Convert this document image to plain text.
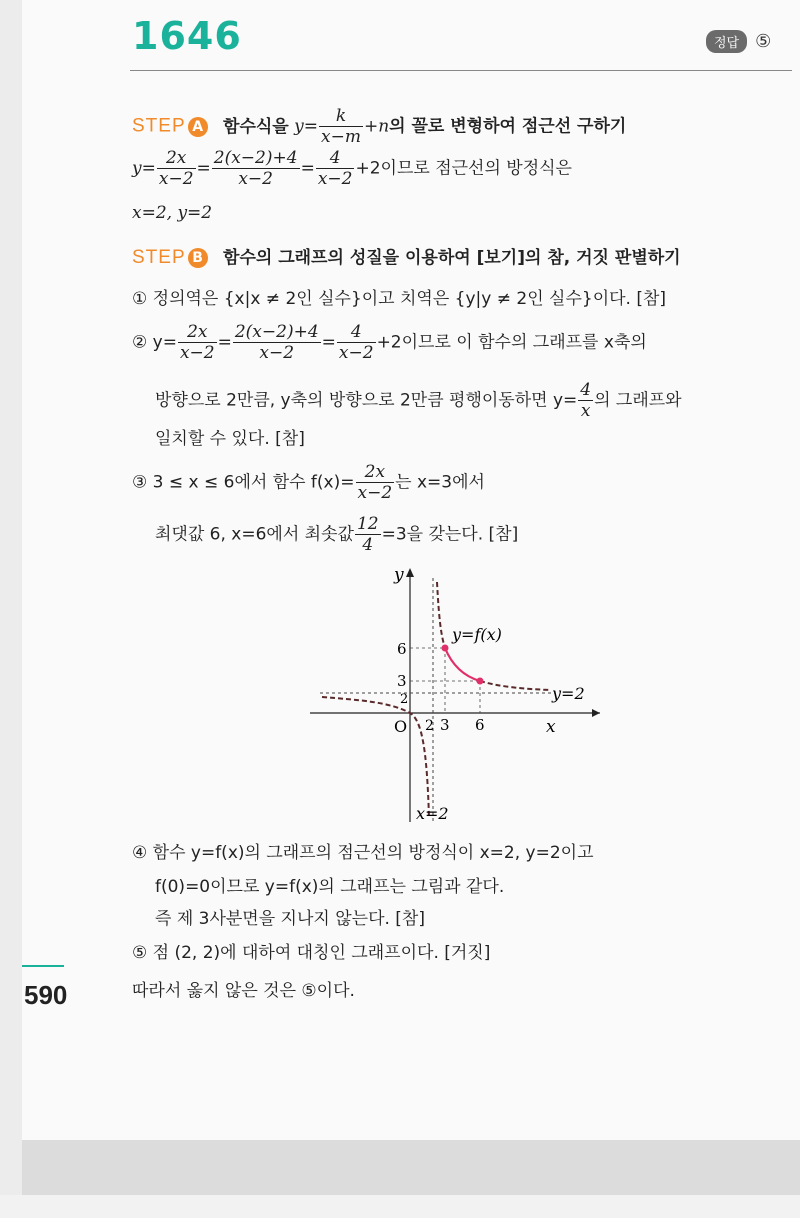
1646	정답 ⑤
STEP A 함수식을 $y= \frac{k}{x-m} +n$의 꼴로 변형하여 점근선 구하기
$y= \frac{2x}{x-2} = \frac{2(x-2)+4}{x-2} = \frac{4}{x-2} +2$이므로 점근선의 방정식은
x=2, y=2
STEP B 함수의 그래프의 성질을 이용하여 [보기]의 참, 거짓 판별하기
① 정의역은 {x|x ≠ 2인 실수}이고 치역은 {y|y ≠ 2인 실수}이다. [참]
② $y= \frac{2x}{x-2} = \frac{2(x-2)+4}{x-2} = \frac{4}{x-2} +2$이므로 이 함수의 그래프를 x축의
방향으로 2만큼, y축의 방향으로 2만큼 평행이동하면 $y= \frac{4}{x}$ 의 그래프와
일치할 수 있다. [참]
③ 3 ≤ x ≤ 6에서 함수 $f(x)= \frac{2x}{x-2}$ 는 x=3에서
최댓값 6, x=6에서 최솟값 $\frac{12}{4} =3$을 갖는다. [참]
y
x
O
y=f(x)
y=2
x=2
6
3
2
2 3 6
④ 함수 y=f(x)의 그래프의 점근선의 방정식이 x=2, y=2이고
f(0)=0이므로 y=f(x)의 그래프는 그림과 같다.
즉 제 3사분면을 지나지 않는다. [참]
⑤ 점 (2, 2)에 대하여 대칭인 그래프이다. [거짓]
따라서 옳지 않은 것은 ⑤이다.
590
